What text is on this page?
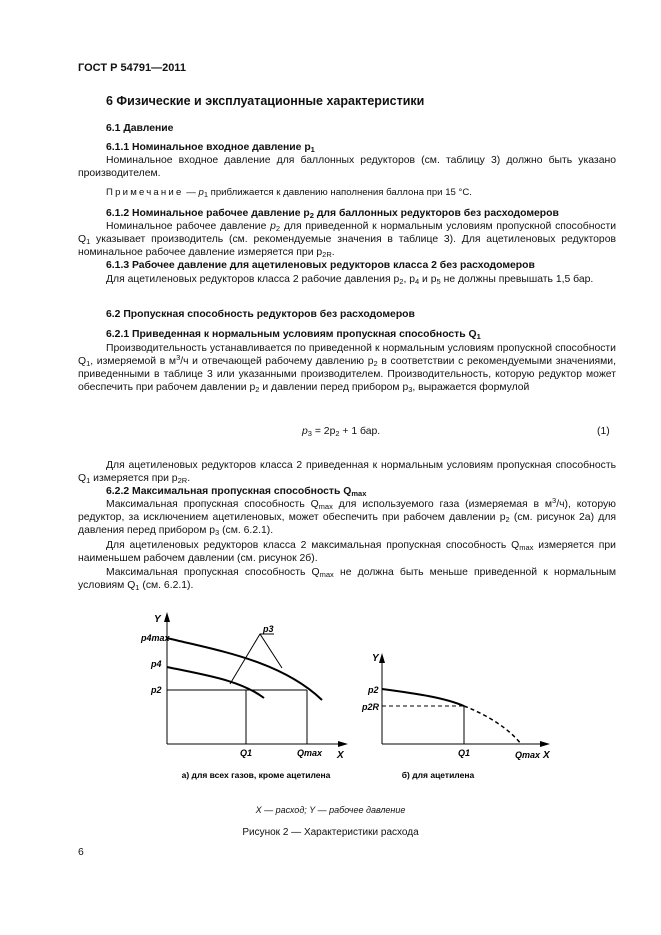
ГОСТ Р 54791—2011
6 Физические и эксплуатационные характеристики
6.1 Давление
6.1.1 Номинальное входное давление $p_1$
Номинальное входное давление для баллонных редукторов (см. таблицу 3) должно быть указано производителем.
Примечание — $p_1$ приближается к давлению наполнения баллона при 15 °С.
6.1.2 Номинальное рабочее давление $p_2$ для баллонных редукторов без расходомеров
Номинальное рабочее давление $p_2$ для приведенной к нормальным условиям пропускной способности $Q_1$ указывает производитель (см. рекомендуемые значения в таблице 3). Для ацетиленовых редукторов номинальное рабочее давление измеряется при $p_{2R}$.
6.1.3 Рабочее давление для ацетиленовых редукторов класса 2 без расходомеров
Для ацетиленовых редукторов класса 2 рабочие давления $p_2$, $p_4$ и $p_5$ не должны превышать 1,5 бар.
6.2 Пропускная способность редукторов без расходомеров
6.2.1 Приведенная к нормальным условиям пропускная способность $Q_1$
Производительность устанавливается по приведенной к нормальным условиям пропускной способности $Q_1$, измеряемой в $м^3/ч$ и отвечающей рабочему давлению $p_2$ в соответствии с рекомендуемыми значениями, приведенными в таблице 3 или указанными производителем. Производительность, которую редуктор может обеспечить при рабочем давлении $p_2$ и давлении перед прибором $p_3$, выражается формулой
$p_3 = 2p_2 + 1$ бар.	(1)
Для ацетиленовых редукторов класса 2 приведенная к нормальным условиям пропускная способность $Q_1$ измеряется при $p_{2R}$.
6.2.2 Максимальная пропускная способность $Q_{max}$
Максимальная пропускная способность $Q_{max}$ для используемого газа (измеряемая в $м^3/ч$), которую редуктор, за исключением ацетиленовых, может обеспечить при рабочем давлении $p_2$ (см. рисунок 2а) для давления перед прибором $p_3$ (см. 6.2.1).
Для ацетиленовых редукторов класса 2 максимальная пропускная способность $Q_{max}$ измеряется при наименьшем рабочем давлении (см. рисунок 2б).
Максимальная пропускная способность $Q_{max}$ не должна быть меньше приведенной к нормальным условиям $Q_1$ (см. 6.2.1).
Y
X
p4max
p4
p2
p3
Q1	Qmax
а) для всех газов, кроме ацетилена
Y
X
p2
p2R
Q1	Qmax
б) для ацетилена
X — расход; Y — рабочее давление
Рисунок 2 — Характеристики расхода
6
